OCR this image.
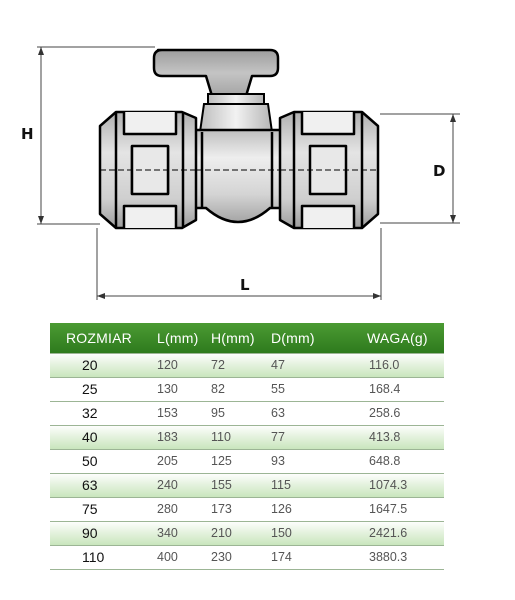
H
D
L
ROZMIAR	L(mm)	H(mm)	D(mm)	WAGA(g)
20	120	72	47	116.0
25	130	82	55	168.4
32	153	95	63	258.6
40	183	110	77	413.8
50	205	125	93	648.8
63	240	155	115	1074.3
75	280	173	126	1647.5
90	340	210	150	2421.6
110	400	230	174	3880.3
